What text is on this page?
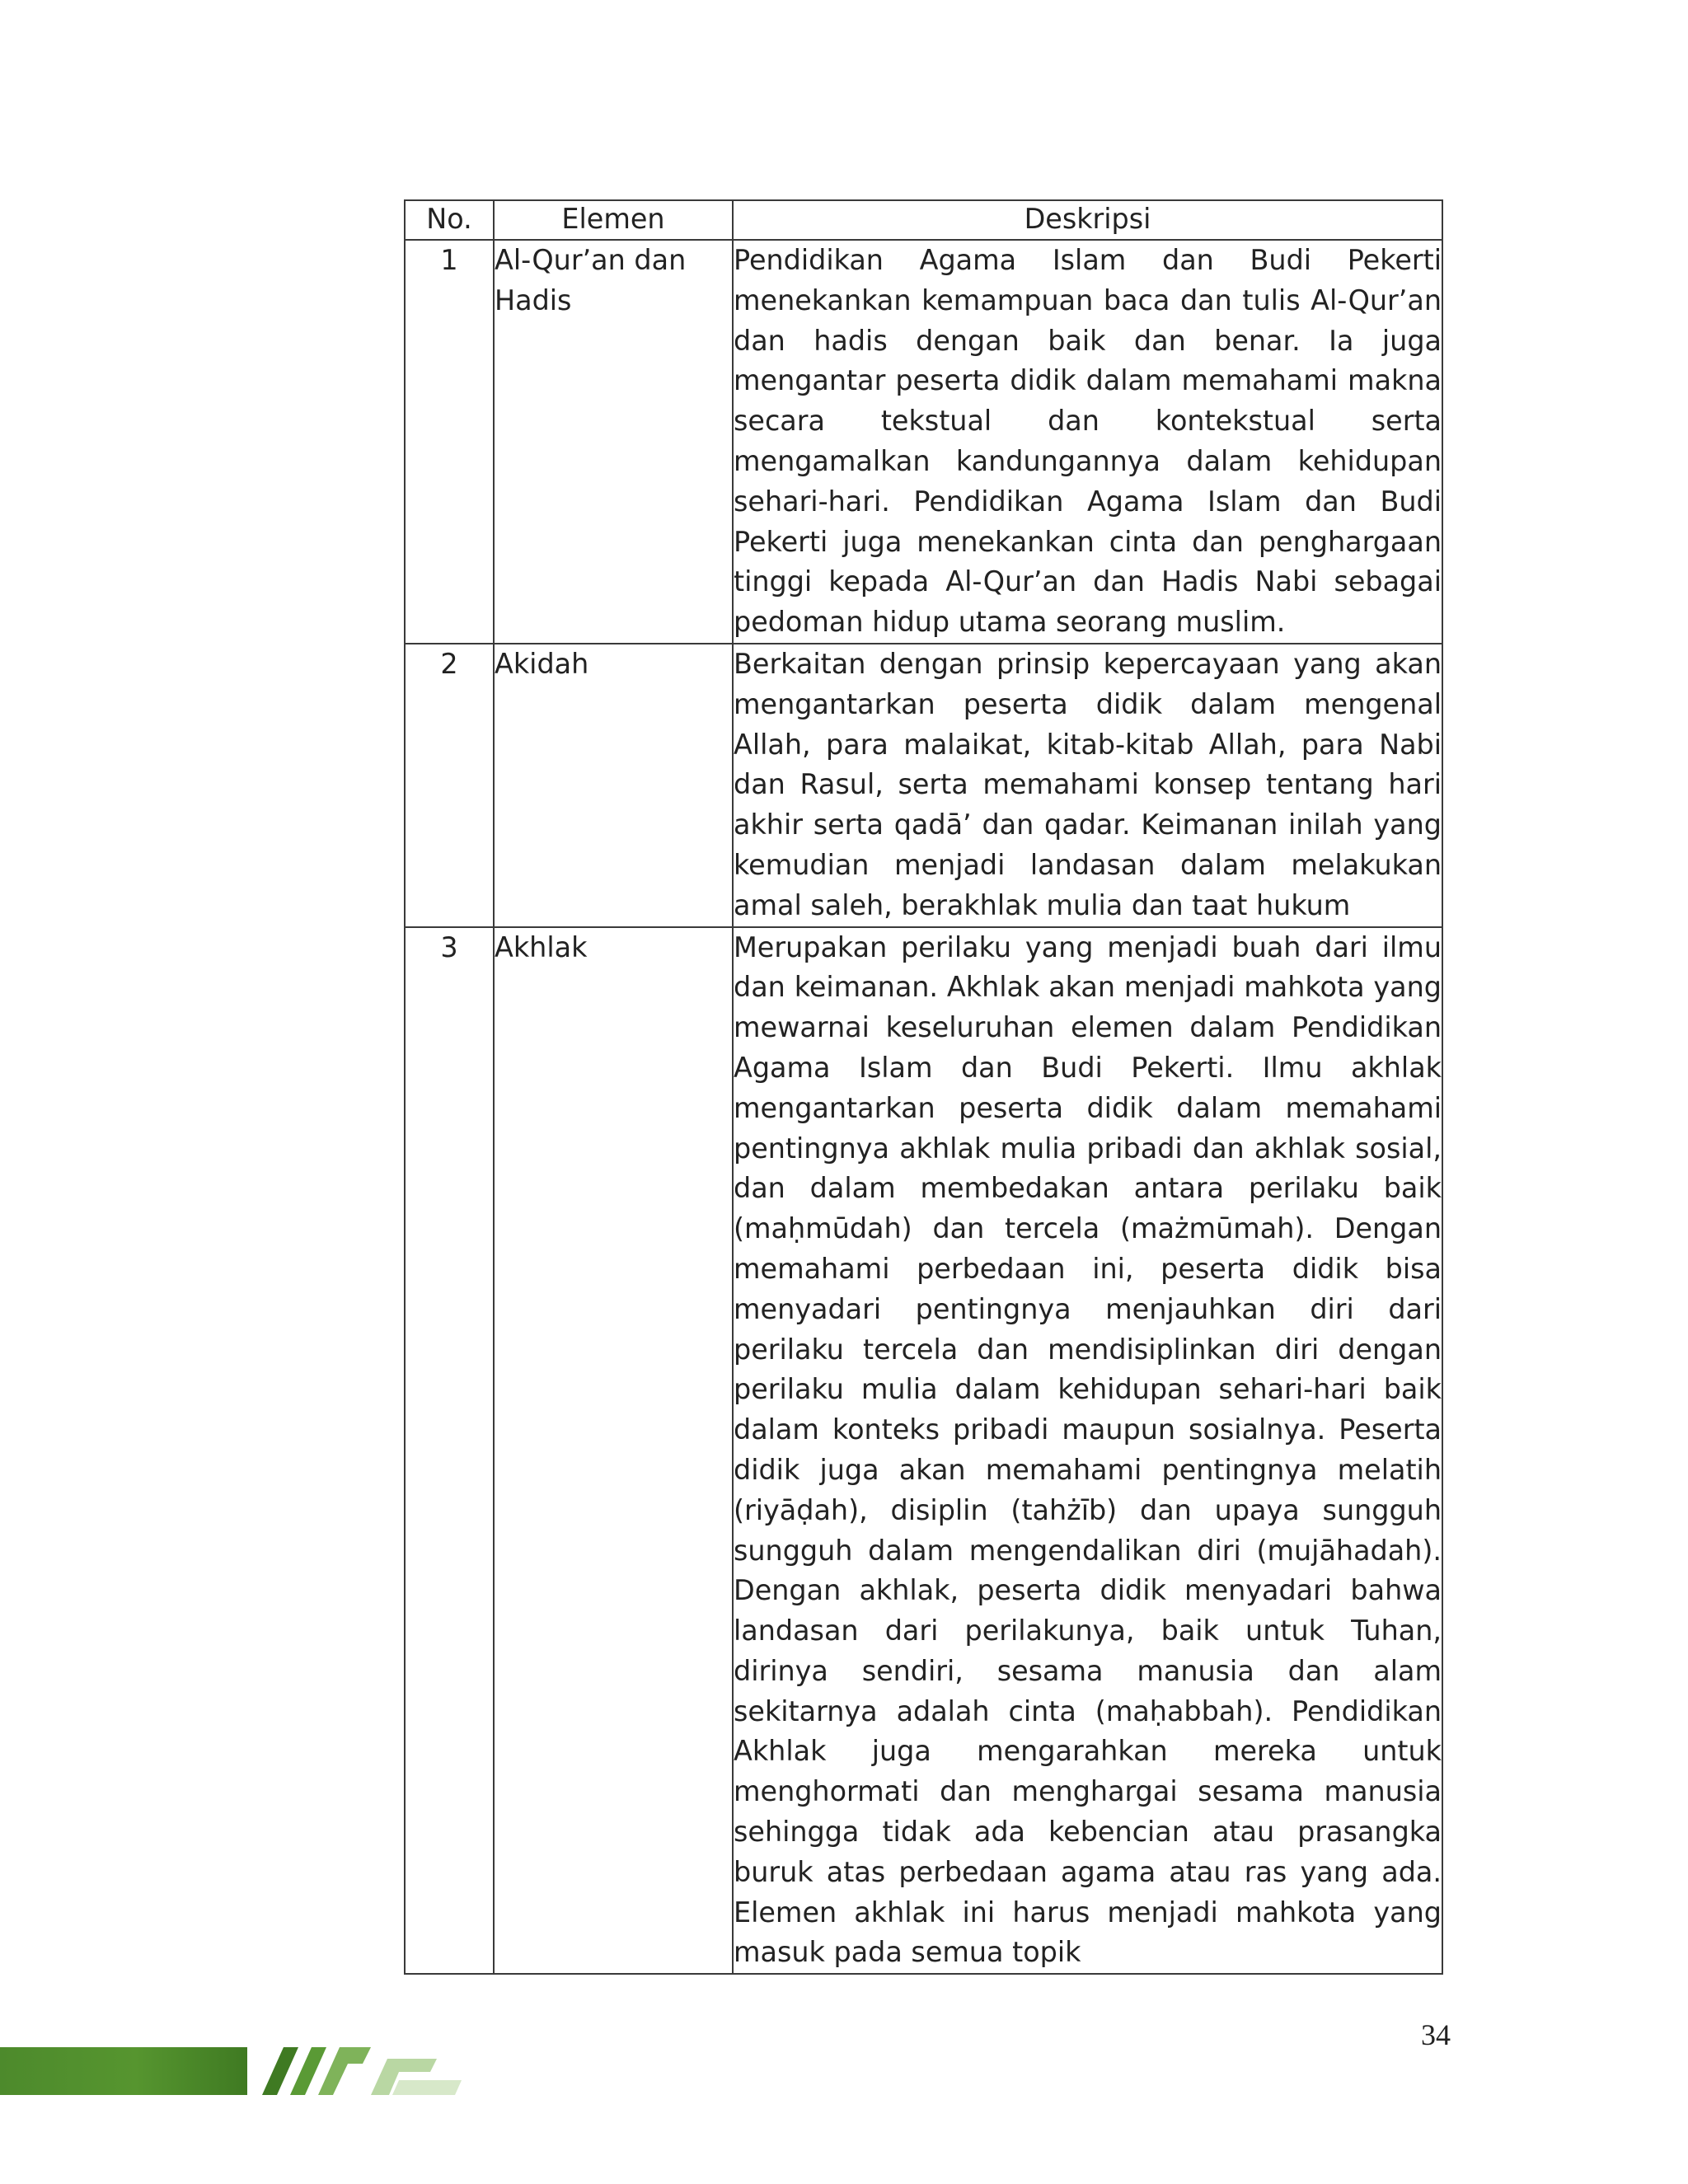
No.	Elemen	Deskripsi
1	Al-Qur’an dan Hadis	Pendidikan Agama Islam dan Budi Pekerti menekankan kemampuan baca dan tulis Al-Qur’an dan hadis dengan baik dan benar. Ia juga mengantar peserta didik dalam memahami makna secara tekstual dan kontekstual serta mengamalkan kandungannya dalam kehidupan sehari-hari. Pendidikan Agama Islam dan Budi Pekerti juga menekankan cinta dan penghargaan tinggi kepada Al-Qur’an dan Hadis Nabi sebagai pedoman hidup utama seorang muslim.
2	Akidah	Berkaitan dengan prinsip kepercayaan yang akan mengantarkan peserta didik dalam mengenal Allah, para malaikat, kitab-kitab Allah, para Nabi dan Rasul, serta memahami konsep tentang hari akhir serta qadā’ dan qadar. Keimanan inilah yang kemudian menjadi landasan dalam melakukan amal saleh, berakhlak mulia dan taat hukum
3	Akhlak	Merupakan perilaku yang menjadi buah dari ilmu dan keimanan. Akhlak akan menjadi mahkota yang mewarnai keseluruhan elemen dalam Pendidikan Agama Islam dan Budi Pekerti. Ilmu akhlak mengantarkan peserta didik dalam memahami pentingnya akhlak mulia pribadi dan akhlak sosial, dan dalam membedakan antara perilaku baik (maḥmūdah) dan tercela (mażmūmah). Dengan memahami perbedaan ini, peserta didik bisa menyadari pentingnya menjauhkan diri dari perilaku tercela dan mendisiplinkan diri dengan perilaku mulia dalam kehidupan sehari-hari baik dalam konteks pribadi maupun sosialnya. Peserta didik juga akan memahami pentingnya melatih (riyāḍah), disiplin (tahżīb) dan upaya sungguh sungguh dalam mengendalikan diri (mujāhadah). Dengan akhlak, peserta didik menyadari bahwa landasan dari perilakunya, baik untuk Tuhan, dirinya sendiri, sesama manusia dan alam sekitarnya adalah cinta (maḥabbah). Pendidikan Akhlak juga mengarahkan mereka untuk menghormati dan menghargai sesama manusia sehingga tidak ada kebencian atau prasangka buruk atas perbedaan agama atau ras yang ada. Elemen akhlak ini harus menjadi mahkota yang masuk pada semua topik
34
